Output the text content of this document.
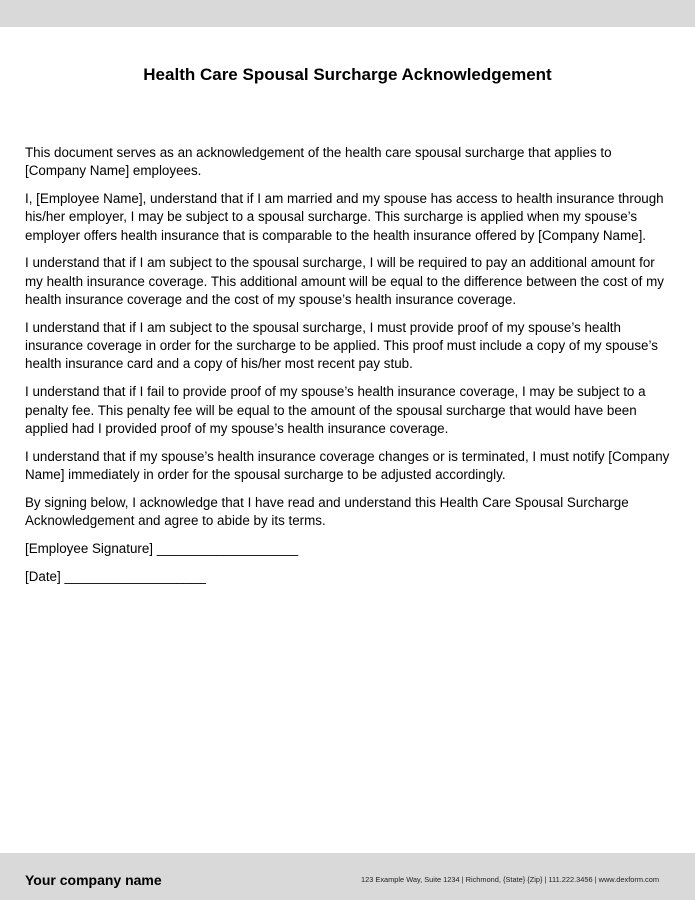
Health Care Spousal Surcharge Acknowledgement

This document serves as an acknowledgement of the health care spousal surcharge that applies to [Company Name] employees.

I, [Employee Name], understand that if I am married and my spouse has access to health insurance through his/her employer, I may be subject to a spousal surcharge. This surcharge is applied when my spouse’s employer offers health insurance that is comparable to the health insurance offered by [Company Name].

I understand that if I am subject to the spousal surcharge, I will be required to pay an additional amount for my health insurance coverage. This additional amount will be equal to the difference between the cost of my health insurance coverage and the cost of my spouse’s health insurance coverage.

I understand that if I am subject to the spousal surcharge, I must provide proof of my spouse’s health insurance coverage in order for the surcharge to be applied. This proof must include a copy of my spouse’s health insurance card and a copy of his/her most recent pay stub.

I understand that if I fail to provide proof of my spouse’s health insurance coverage, I may be subject to a penalty fee. This penalty fee will be equal to the amount of the spousal surcharge that would have been applied had I provided proof of my spouse’s health insurance coverage.

I understand that if my spouse’s health insurance coverage changes or is terminated, I must notify [Company Name] immediately in order for the spousal surcharge to be adjusted accordingly.

By signing below, I acknowledge that I have read and understand this Health Care Spousal Surcharge Acknowledgement and agree to abide by its terms.

[Employee Signature] ___________________

[Date] ___________________

Your company name	123 Example Way, Suite 1234 | Richmond, {State} {Zip} | 111.222.3456 | www.dexform.com
